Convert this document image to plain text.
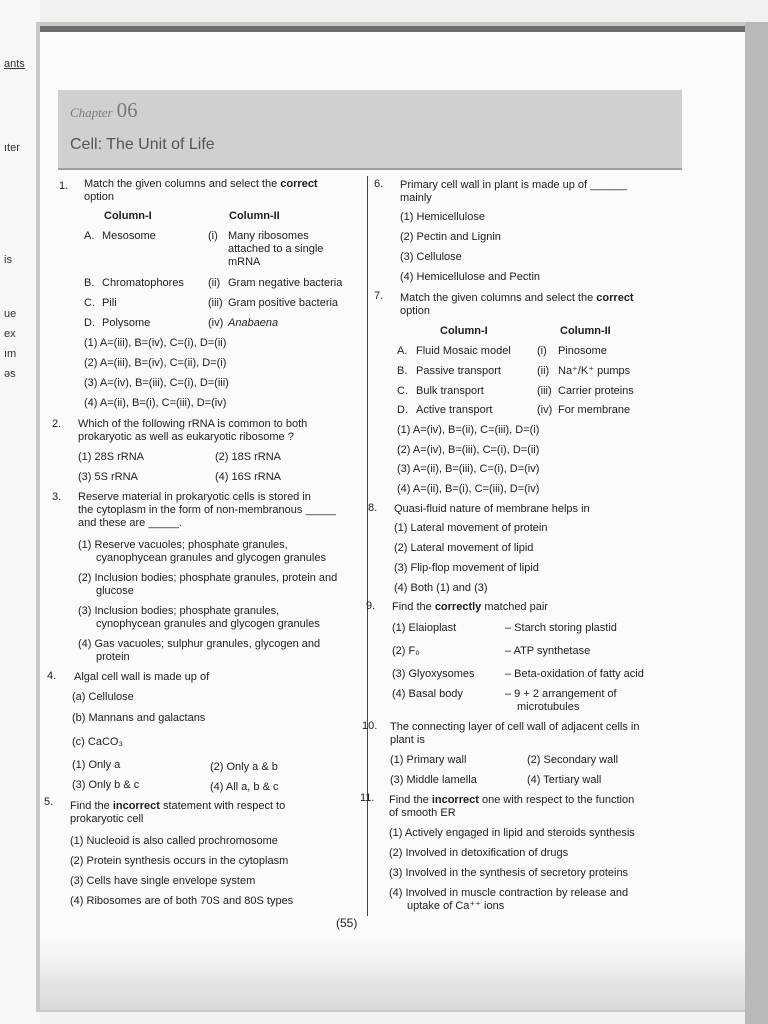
ants
ıter
is
ue
ex
ım
əs
Chapter 06
Cell: The Unit of Life
1. Match the given columns and select the correct
option
Column-I	Column-II
A. Mesosome	(i) Many ribosomes
attached to a single
mRNA
B. Chromatophores (ii) Gram negative bacteria
C. Pili	(iii) Gram positive bacteria
D. Polysome	(iv) Anabaena
(1) A=(iii), B=(iv), C=(i), D=(ii)
(2) A=(iii), B=(iv), C=(ii), D=(i)
(3) A=(iv), B=(iii), C=(i), D=(iii)
(4) A=(ii), B=(i), C=(iii), D=(iv)
2. Which of the following rRNA is common to both
prokaryotic as well as eukaryotic ribosome ?
(1) 28S rRNA	(2) 18S rRNA
(3) 5S rRNA	(4) 16S rRNA
3. Reserve material in prokaryotic cells is stored in
the cytoplasm in the form of non-membranous _____
and these are _____.
(1) Reserve vacuoles; phosphate granules,
cyanophycean granules and glycogen granules
(2) Inclusion bodies; phosphate granules, protein and
glucose
(3) Inclusion bodies; phosphate granules,
cynophycean granules and glycogen granules
(4) Gas vacuoles; sulphur granules, glycogen and
protein
4. Algal cell wall is made up of
(a) Cellulose
(b) Mannans and galactans
(c) CaCO₃
(1) Only a	(2) Only a & b
(3) Only b & c	(4) All a, b & c
5. Find the incorrect statement with respect to
prokaryotic cell
(1) Nucleoid is also called prochromosome
(2) Protein synthesis occurs in the cytoplasm
(3) Cells have single envelope system
(4) Ribosomes are of both 70S and 80S types
6. Primary cell wall in plant is made up of ______
mainly
(1) Hemicellulose
(2) Pectin and Lignin
(3) Cellulose
(4) Hemicellulose and Pectin
7. Match the given columns and select the correct
option
Column-I	Column-II
A. Fluid Mosaic model (i) Pinosome
B. Passive transport	(ii) Na⁺/K⁺ pumps
C. Bulk transport	(iii) Carrier proteins
D. Active transport	(iv) For membrane
(1) A=(iv), B=(ii), C=(iii), D=(i)
(2) A=(iv), B=(iii), C=(i), D=(ii)
(3) A=(ii), B=(iii), C=(i), D=(iv)
(4) A=(ii), B=(i), C=(iii), D=(iv)
8. Quasi-fluid nature of membrane helps in
(1) Lateral movement of protein
(2) Lateral movement of lipid
(3) Flip-flop movement of lipid
(4) Both (1) and (3)
9. Find the correctly matched pair
(1) Elaioplast	– Starch storing plastid
(2) F₀	– ATP synthetase
(3) Glyoxysomes	– Beta-oxidation of fatty acid
(4) Basal body	– 9 + 2 arrangement of
microtubules
10. The connecting layer of cell wall of adjacent cells in
plant is
(1) Primary wall	(2) Secondary wall
(3) Middle lamella	(4) Tertiary wall
11. Find the incorrect one with respect to the function
of smooth ER
(1) Actively engaged in lipid and steroids synthesis
(2) Involved in detoxification of drugs
(3) Involved in the synthesis of secretory proteins
(4) Involved in muscle contraction by release and
uptake of Ca⁺⁺ ions
(55)
